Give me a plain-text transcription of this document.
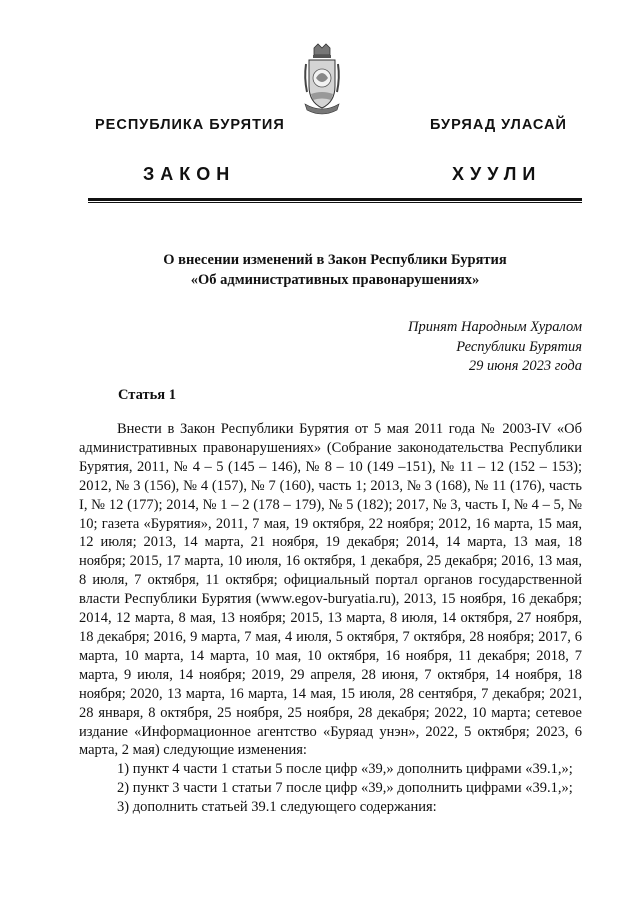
РЕСПУБЛИКА БУРЯТИЯ	БУРЯАД УЛАСАЙ
ЗАКОН	ХУУЛИ
О внесении изменений в Закон Республики Бурятия
«Об административных правонарушениях»
Принят Народным Хуралом
Республики Бурятия
29 июня 2023 года
Статья 1

Внести в Закон Республики Бурятия от 5 мая 2011 года № 2003-IV «Об административных правонарушениях» (Собрание законодательства Республики Бурятия, 2011, № 4 – 5 (145 – 146), № 8 – 10 (149 –151), № 11 – 12 (152 – 153); 2012, № 3 (156), № 4 (157), № 7 (160), часть 1; 2013, № 3 (168), № 11 (176), часть I, № 12 (177); 2014, № 1 – 2 (178 – 179), № 5 (182); 2017, № 3, часть I, № 4 – 5, № 10; газета «Бурятия», 2011, 7 мая, 19 октября, 22 ноября; 2012, 16 марта, 15 мая, 12 июля; 2013, 14 марта, 21 ноября, 19 декабря; 2014, 14 марта, 13 мая, 18 ноября; 2015, 17 марта, 10 июля, 16 октября, 1 декабря, 25 декабря; 2016, 13 мая, 8 июля, 7 октября, 11 октября; официальный портал органов государственной власти Республики Бурятия (www.egov-buryatia.ru), 2013, 15 ноября, 16 декабря; 2014, 12 марта, 8 мая, 13 ноября; 2015, 13 марта, 8 июля, 14 октября, 27 ноября, 18 декабря; 2016, 9 марта, 7 мая, 4 июля, 5 октября, 7 октября, 28 ноября; 2017, 6 марта, 10 марта, 14 марта, 10 мая, 10 октября, 16 ноября, 11 декабря; 2018, 7 марта, 9 июля, 14 ноября; 2019, 29 апреля, 28 июня, 7 октября, 14 ноября, 18 ноября; 2020, 13 марта, 16 марта, 14 мая, 15 июля, 28 сентября, 7 декабря; 2021, 28 января, 8 октября, 25 ноября, 25 ноября, 28 декабря; 2022, 10 марта; сетевое издание «Информационное агентство «Буряад унэн», 2022, 5 октября; 2023, 6 марта, 2 мая) следующие изменения:

1) пункт 4 части 1 статьи 5 после цифр «39,» дополнить цифрами «39.1,»;

2) пункт 3 части 1 статьи 7 после цифр «39,» дополнить цифрами «39.1,»;

3) дополнить статьей 39.1 следующего содержания:
